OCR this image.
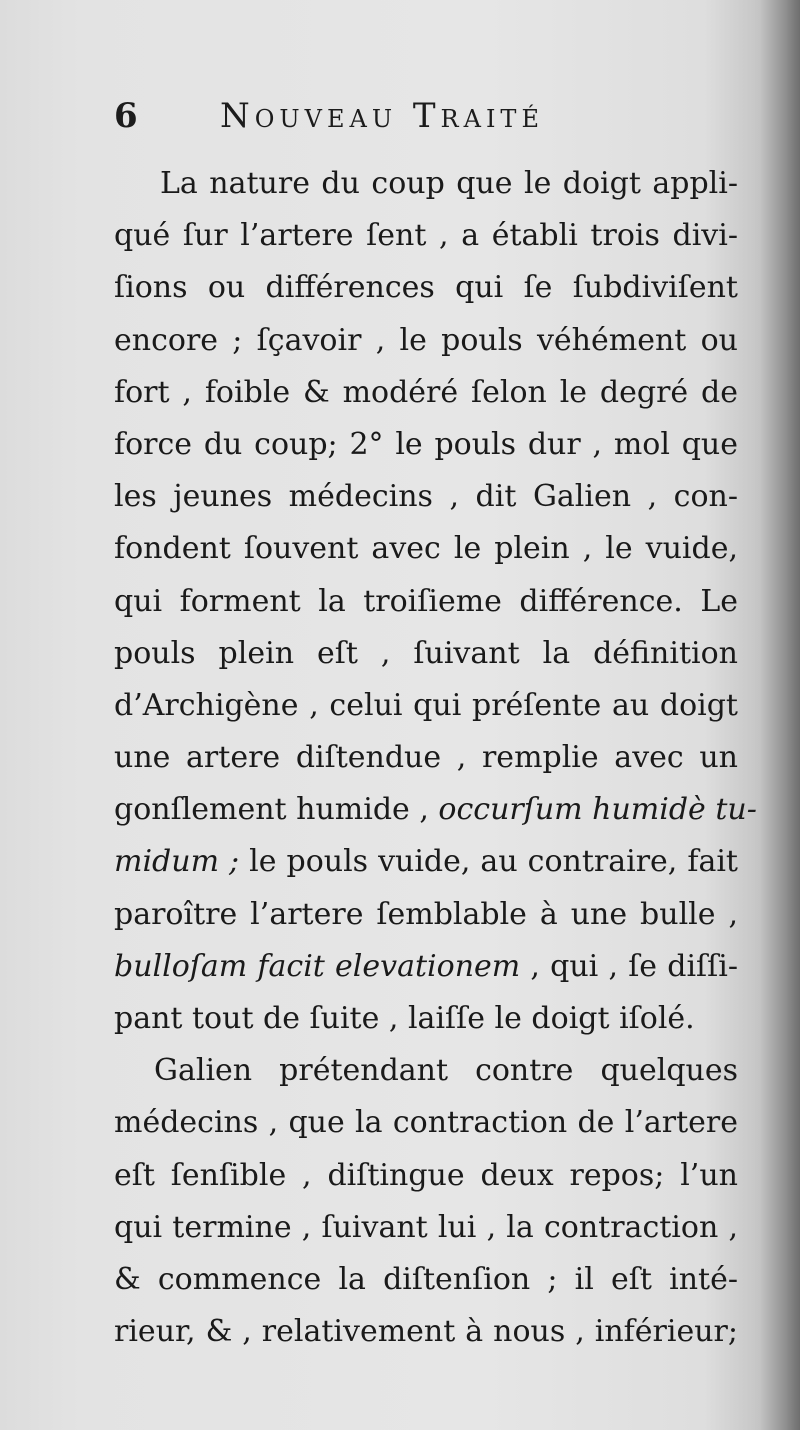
6 Nouveau Traité
La nature du coup que le doigt appli-
qué ſur l’artere ſent , a établi trois divi-
ſions ou différences qui ſe ſubdiviſent
encore ; ſçavoir , le pouls véhément ou
fort , foible & modéré ſelon le degré de
force du coup; 2° le pouls dur , mol que
les jeunes médecins , dit Galien , con-
fondent ſouvent avec le plein , le vuide,
qui forment la troiſieme différence. Le
pouls plein eſt , ſuivant la définition
d’Archigène , celui qui préſente au doigt
une artere diſtendue , remplie avec un
gonſlement humide , occurſum humidè tu-
midum ; le pouls vuide, au contraire, fait
paroître l’artere ſemblable à une bulle ,
bulloſam facit elevationem , qui , ſe diſſi-
pant tout de ſuite , laiſſe le doigt iſolé.
Galien prétendant contre quelques
médecins , que la contraction de l’artere
eſt ſenſible , diſtingue deux repos; l’un
qui termine , ſuivant lui , la contraction ,
& commence la diſtenſion ; il eſt inté-
rieur, & , relativement à nous , inférieur;
